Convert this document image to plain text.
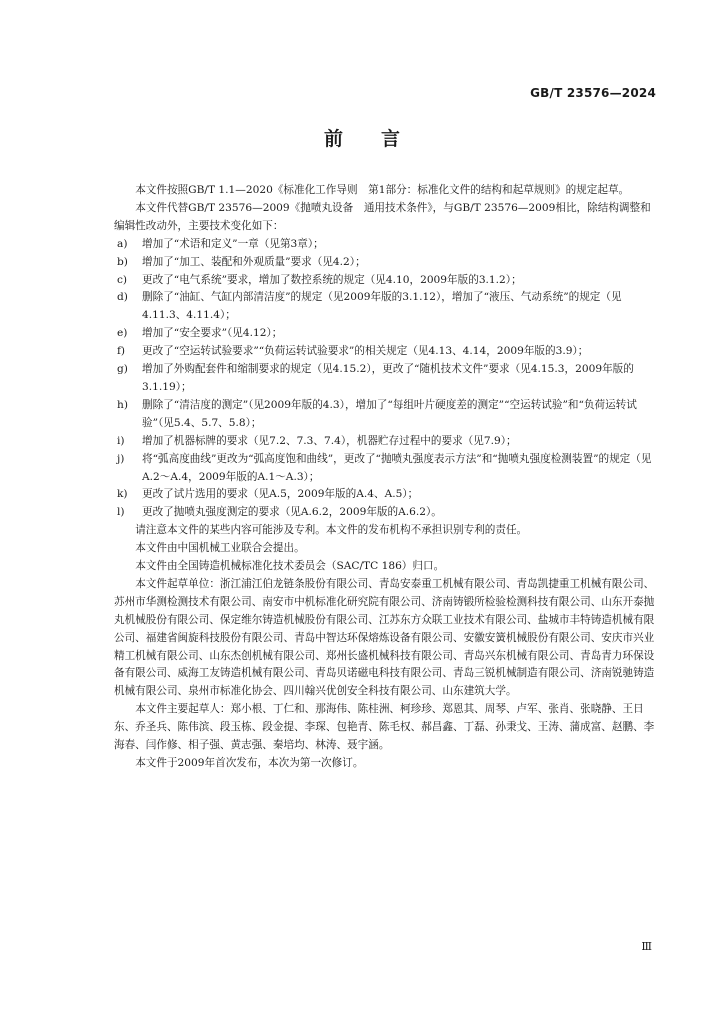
GB/T 23576—2024
前言

本文件按照GB/T 1.1—2020《标准化工作导则　第1部分：标准化文件的结构和起草规则》的规定起草。

本文件代替GB/T 23576—2009《抛喷丸设备　通用技术条件》，与GB/T 23576—2009相比，除结构调整和编辑性改动外，主要技术变化如下：

a) 增加了“术语和定义”一章（见第3章）；
b) 增加了“加工、装配和外观质量”要求（见4.2）；
c) 更改了“电气系统”要求，增加了数控系统的规定（见4.10，2009年版的3.1.2）；
d) 删除了“油缸、气缸内部清洁度”的规定（见2009年版的3.1.12），增加了“液压、气动系统”的规定（见4.11.3、4.11.4）；
e) 增加了“安全要求”（见4.12）；
f) 更改了“空运转试验要求”“负荷运转试验要求”的相关规定（见4.13、4.14，2009年版的3.9）；
g) 增加了外购配套件和缩制要求的规定（见4.15.2），更改了“随机技术文件”要求（见4.15.3，2009年版的3.1.19）；
h) 删除了“清洁度的测定”（见2009年版的4.3），增加了“每组叶片硬度差的测定”“空运转试验”和“负荷运转试验”（见5.4、5.7、5.8）；
i) 增加了机器标牌的要求（见7.2、7.3、7.4），机器贮存过程中的要求（见7.9）；
j) 将“弧高度曲线”更改为“弧高度饱和曲线”，更改了“抛喷丸强度表示方法”和“抛喷丸强度检测装置”的规定（见A.2～A.4，2009年版的A.1～A.3）；
k) 更改了试片选用的要求（见A.5，2009年版的A.4、A.5）；
l) 更改了抛喷丸强度测定的要求（见A.6.2，2009年版的A.6.2）。

请注意本文件的某些内容可能涉及专利。本文件的发布机构不承担识别专利的责任。

本文件由中国机械工业联合会提出。

本文件由全国铸造机械标准化技术委员会（SAC/TC 186）归口。

本文件起草单位：浙江浦江伯龙链条股份有限公司、青岛安泰重工机械有限公司、青岛凯捷重工机械有限公司、苏州市华测检测技术有限公司、南安市中机标准化研究院有限公司、济南铸锻所检验检测科技有限公司、山东开泰抛丸机械股份有限公司、保定维尔铸造机械股份有限公司、江苏东方众联工业技术有限公司、盐城市丰特铸造机械有限公司、福建省闽旋科技股份有限公司、青岛中智达环保熔炼设备有限公司、安徽安簧机械股份有限公司、安庆市兴业精工机械有限公司、山东杰创机械有限公司、郑州长盛机械科技有限公司、青岛兴东机械有限公司、青岛青力环保设备有限公司、威海工友铸造机械有限公司、青岛贝诺磁电科技有限公司、青岛三锐机械制造有限公司、济南锐驰铸造机械有限公司、泉州市标准化协会、四川翰兴优创安全科技有限公司、山东建筑大学。

本文件主要起草人：郑小根、丁仁和、那海伟、陈桂洲、柯珍珍、郑恩其、周琴、卢军、张肖、张晓静、王日东、乔圣兵、陈伟滨、段玉栋、段金提、李琛、包艳青、陈毛权、郝昌鑫、丁磊、孙秉戈、王涛、蒲成富、赵鹏、李海春、闫作修、相子强、黄志强、秦培均、林涛、聂宇涵。

本文件于2009年首次发布，本次为第一次修订。

Ⅲ
